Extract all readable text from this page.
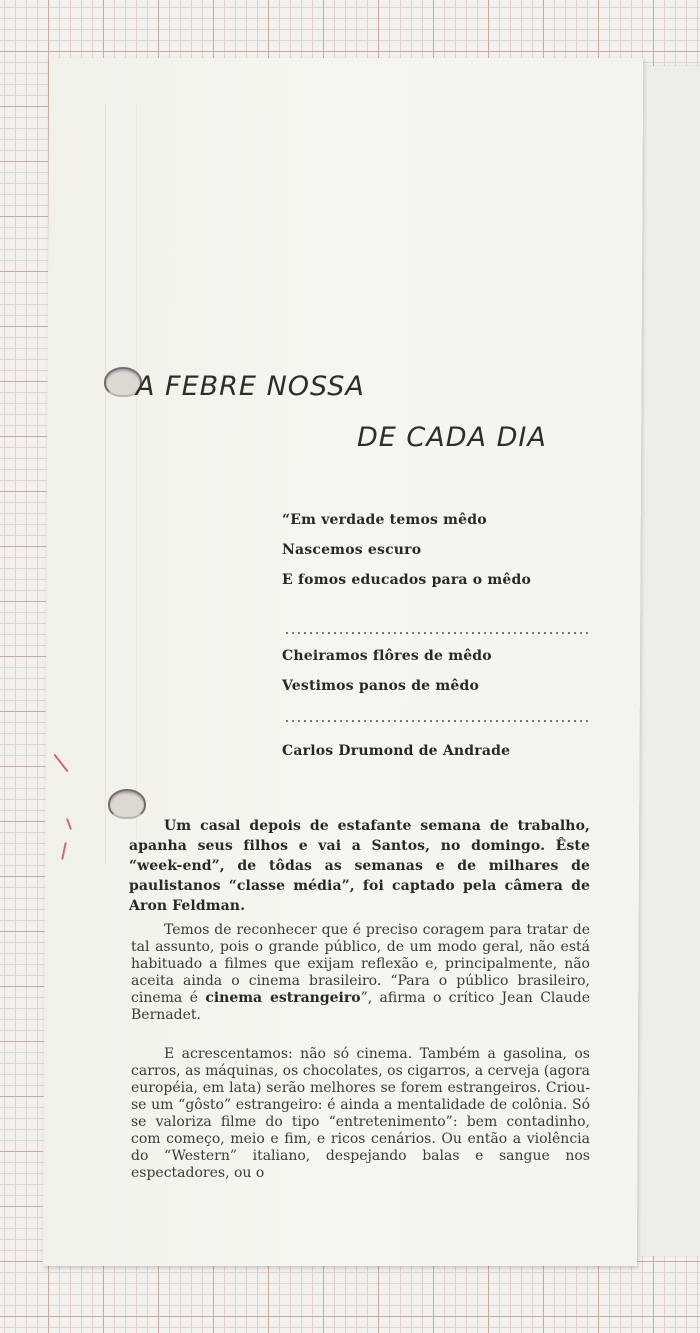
A FEBRE NOSSA
DE CADA DIA
“Em verdade temos mêdo
Nascemos escuro
E fomos educados para o mêdo
Cheiramos flôres de mêdo
Vestimos panos de mêdo
Carlos Drumond de Andrade

Um casal depois de estafante semana de trabalho, apanha seus filhos e vai a Santos, no domingo. Êste “week-end”, de tôdas as semanas e de milhares de paulistanos “classe média”, foi captado pela câmera de Aron Feldman.

Temos de reconhecer que é preciso coragem para tratar de tal assunto, pois o grande público, de um modo geral, não está habituado a filmes que exijam reflexão e, principalmente, não aceita ainda o cinema brasileiro. “Para o público brasileiro, cinema é cinema estrangeiro”, afirma o crítico Jean Claude Bernadet.

E acrescentamos: não só cinema. Também a gasolina, os carros, as máquinas, os chocolates, os cigarros, a cerveja (agora européia, em lata) serão melhores se forem estrangeiros. Criou-se um “gôsto” estrangeiro: é ainda a mentalidade de colônia. Só se valoriza filme do tipo “entretenimento”: bem contadinho, com começo, meio e fim, e ricos cenários. Ou então a violência do “Western” italiano, despejando balas e sangue nos espectadores, ou o
